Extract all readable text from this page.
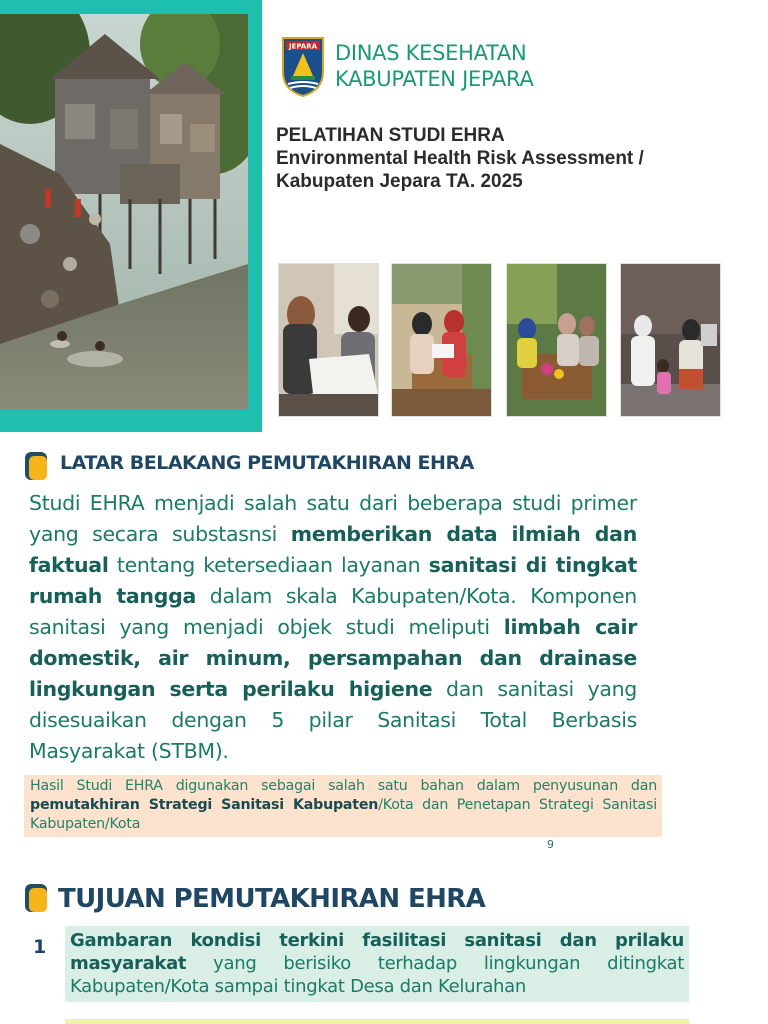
JEPARA DINAS KESEHATAN
KABUPATEN JEPARA
PELATIHAN STUDI EHRA
Environmental Health Risk Assessment /
Kabupaten Jepara TA. 2025
LATAR BELAKANG PEMUTAKHIRAN EHRA
Studi EHRA menjadi salah satu dari beberapa studi primer yang secara substasnsi memberikan data ilmiah dan faktual tentang ketersediaan layanan sanitasi di tingkat rumah tangga dalam skala Kabupaten/Kota. Komponen sanitasi yang menjadi objek studi meliputi limbah cair domestik, air minum, persampahan dan drainase lingkungan serta perilaku higiene dan sanitasi yang disesuaikan dengan 5 pilar Sanitasi Total Berbasis Masyarakat (STBM).
Hasil Studi EHRA digunakan sebagai salah satu bahan dalam penyusunan dan pemutakhiran Strategi Sanitasi Kabupaten/Kota dan Penetapan Strategi Sanitasi Kabupaten/Kota
9
TUJUAN PEMUTAKHIRAN EHRA
1 Gambaran kondisi terkini fasilitasi sanitasi dan prilaku masyarakat yang berisiko terhadap lingkungan ditingkat Kabupaten/Kota sampai tingkat Desa dan Kelurahan
